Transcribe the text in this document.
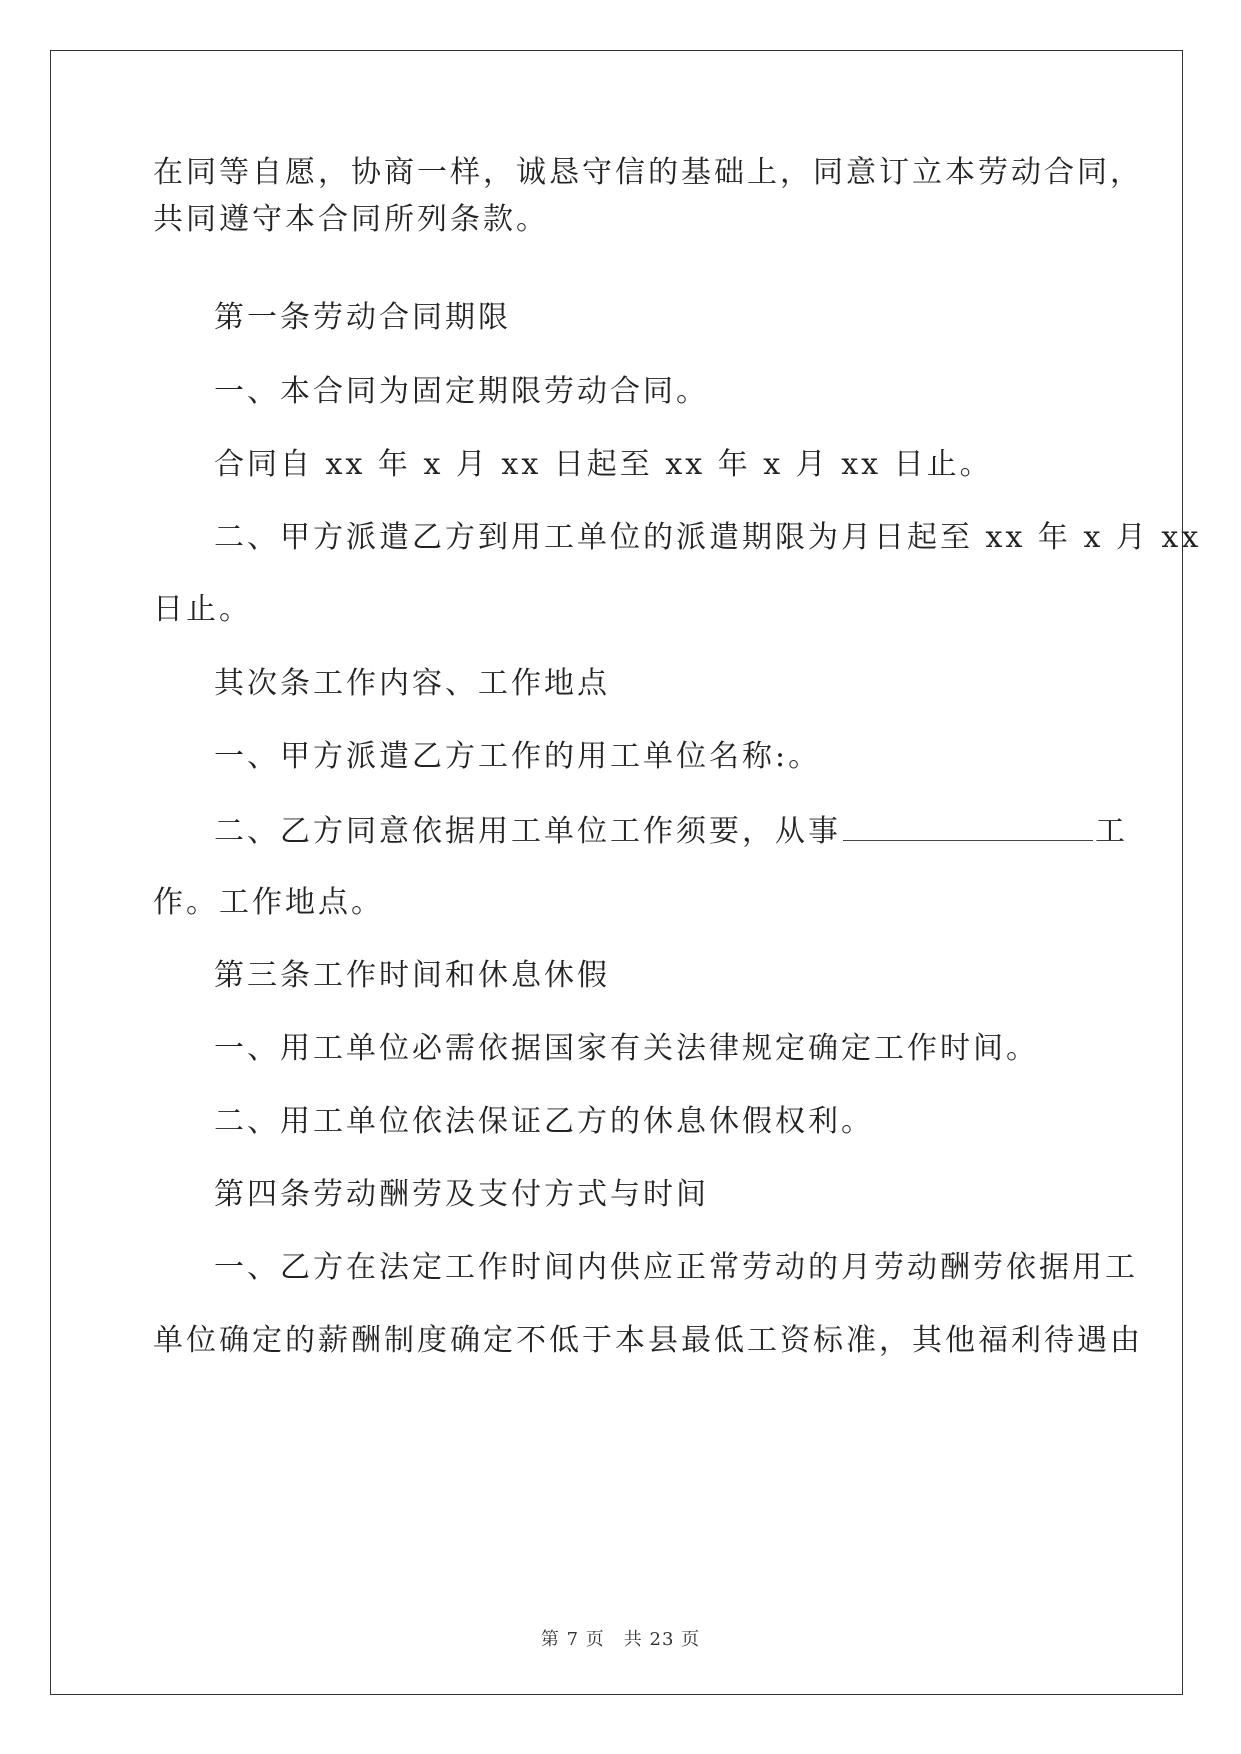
在同等自愿，协商一样，诚恳守信的基础上，同意订立本劳动合同，
共同遵守本合同所列条款。
第一条劳动合同期限
一、本合同为固定期限劳动合同。
合同自 xx 年 x 月 xx 日起至 xx 年 x 月 xx 日止。
二、甲方派遣乙方到用工单位的派遣期限为月日起至 xx 年 x 月 xx
日止。
其次条工作内容、工作地点
一、甲方派遣乙方工作的用工单位名称:。
二、乙方同意依据用工单位工作须要，从事	工
作。工作地点。
第三条工作时间和休息休假
一、用工单位必需依据国家有关法律规定确定工作时间。
二、用工单位依法保证乙方的休息休假权利。
第四条劳动酬劳及支付方式与时间
一、乙方在法定工作时间内供应正常劳动的月劳动酬劳依据用工
单位确定的薪酬制度确定不低于本县最低工资标准，其他福利待遇由
第 7 页　共 23 页
